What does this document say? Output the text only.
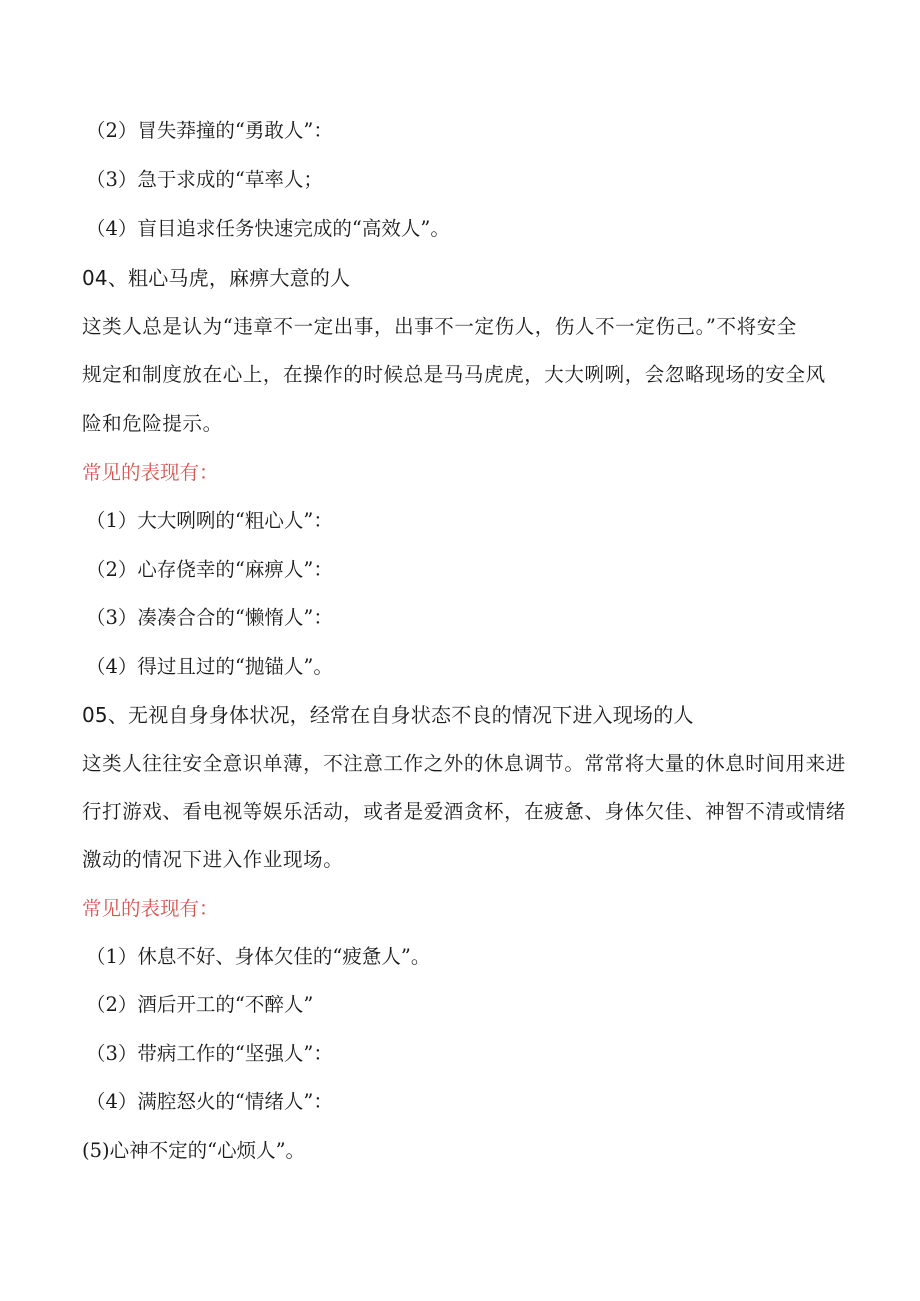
（2）冒失莽撞的“勇敢人”：
（3）急于求成的“草率人；
（4）盲目追求任务快速完成的“高效人”。
04、粗心马虎，麻痹大意的人
这类人总是认为“违章不一定出事，出事不一定伤人，伤人不一定伤己。”不将安全
规定和制度放在心上，在操作的时候总是马马虎虎，大大咧咧，会忽略现场的安全风
险和危险提示。
常见的表现有：
（1）大大咧咧的“粗心人”：
（2）心存侥幸的“麻痹人”：
（3）凑凑合合的“懒惰人”：
（4）得过且过的“抛锚人”。
05、无视自身身体状况，经常在自身状态不良的情况下进入现场的人
这类人往往安全意识单薄，不注意工作之外的休息调节。常常将大量的休息时间用来进
行打游戏、看电视等娱乐活动，或者是爱酒贪杯，在疲惫、身体欠佳、神智不清或情绪
激动的情况下进入作业现场。
常见的表现有：
（1）休息不好、身体欠佳的“疲惫人”。
（2）酒后开工的“不醉人”
（3）带病工作的“坚强人”：
（4）满腔怒火的“情绪人”：
(5)心神不定的“心烦人”。
